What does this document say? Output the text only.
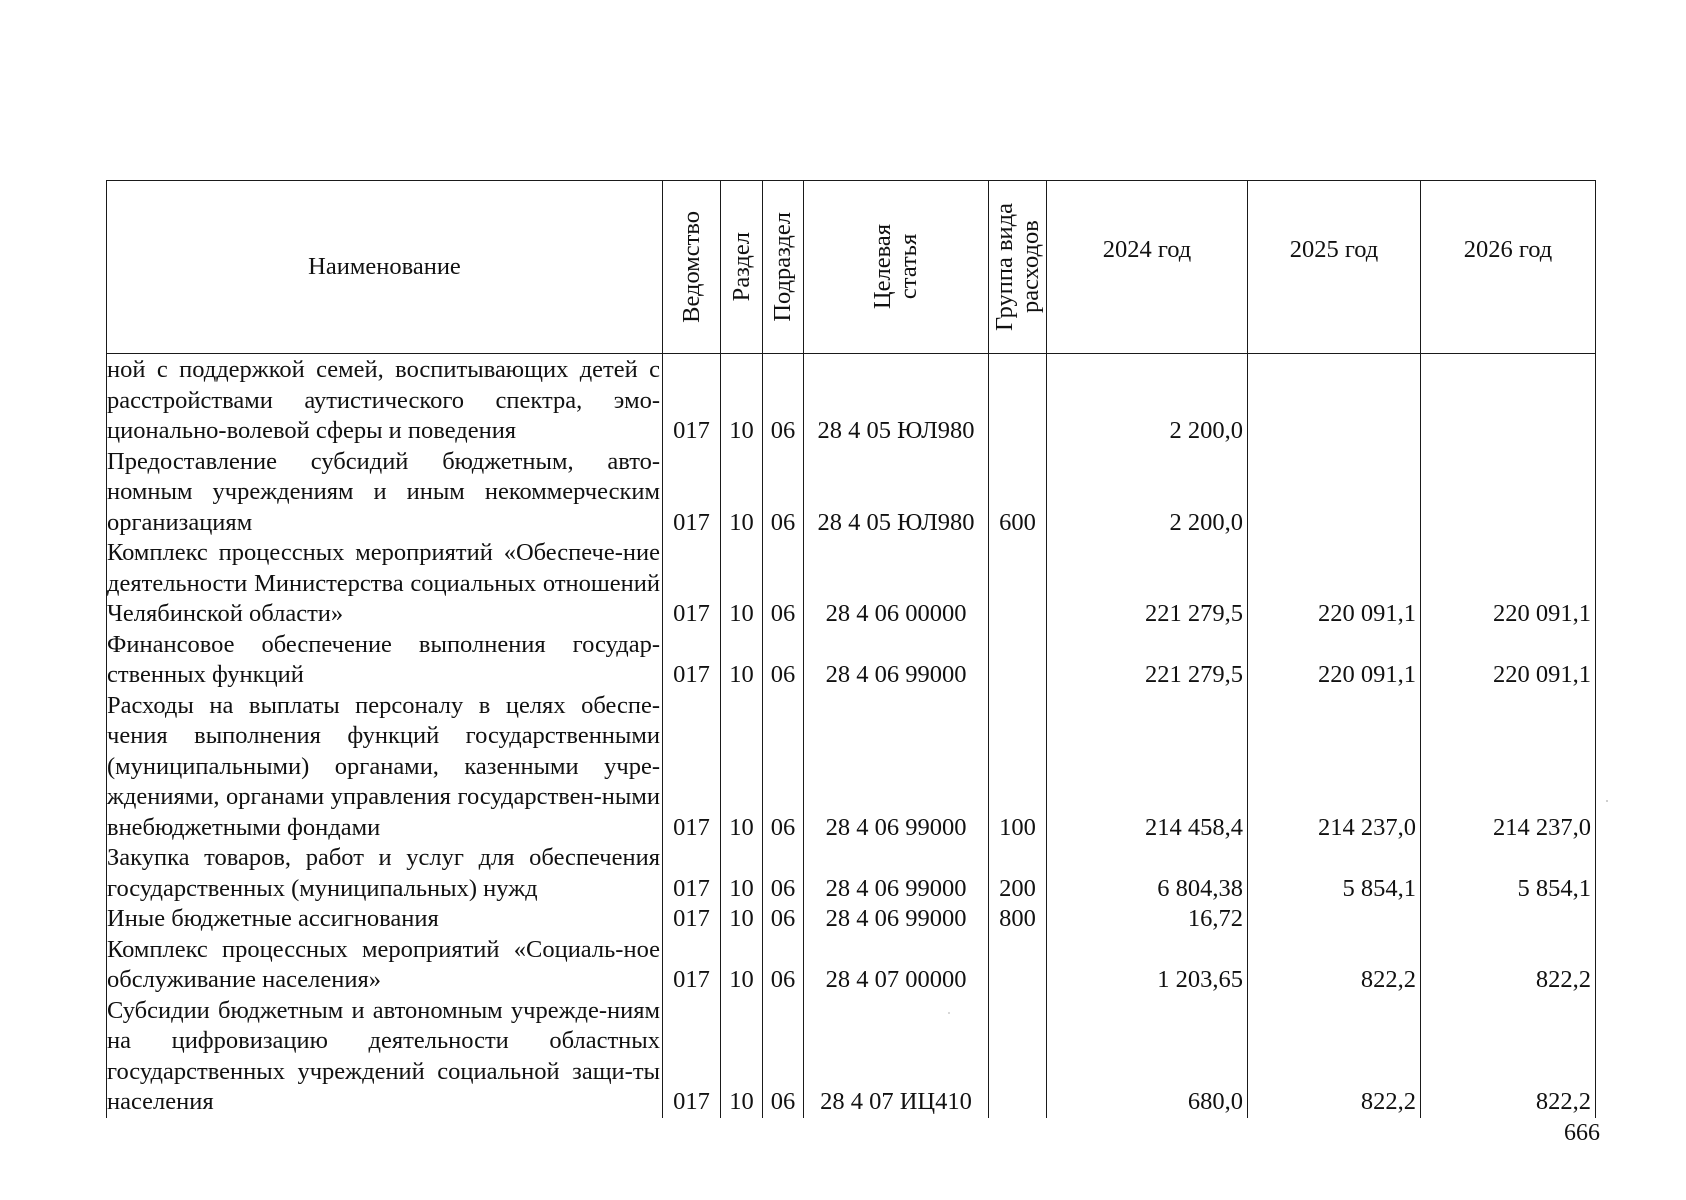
Наименование	Ведомство	Раздел	Подраздел	Целевая
статья	Группа вида
расходов	2024 год	2025 год	2026 год
ной с поддержкой семей, воспитывающих детей с расстройствами аутистического спектра, эмо-ционально-волевой сферы и поведения	017	10	06	28 4 05 ЮЛ980		2 200,0		
Предоставление субсидий бюджетным, авто-номным учреждениям и иным некоммерческим организациям	017	10	06	28 4 05 ЮЛ980	600	2 200,0		
Комплекс процессных мероприятий «Обеспече-ние деятельности Министерства социальных отношений Челябинской области»	017	10	06	28 4 06 00000		221 279,5	220 091,1	220 091,1
Финансовое обеспечение выполнения государ-ственных функций	017	10	06	28 4 06 99000		221 279,5	220 091,1	220 091,1
Расходы на выплаты персоналу в целях обеспе-чения выполнения функций государственными (муниципальными) органами, казенными учре-ждениями, органами управления государствен-ными внебюджетными фондами	017	10	06	28 4 06 99000	100	214 458,4	214 237,0	214 237,0
Закупка товаров, работ и услуг для обеспечения государственных (муниципальных) нужд	017	10	06	28 4 06 99000	200	6 804,38	5 854,1	5 854,1
Иные бюджетные ассигнования	017	10	06	28 4 06 99000	800	16,72		
Комплекс процессных мероприятий «Социаль-ное обслуживание населения»	017	10	06	28 4 07 00000		1 203,65	822,2	822,2
Субсидии бюджетным и автономным учрежде-ниям на цифровизацию деятельности областных государственных учреждений социальной защи-ты населения	017	10	06	28 4 07 ИЦ410		680,0	822,2	822,2
666
